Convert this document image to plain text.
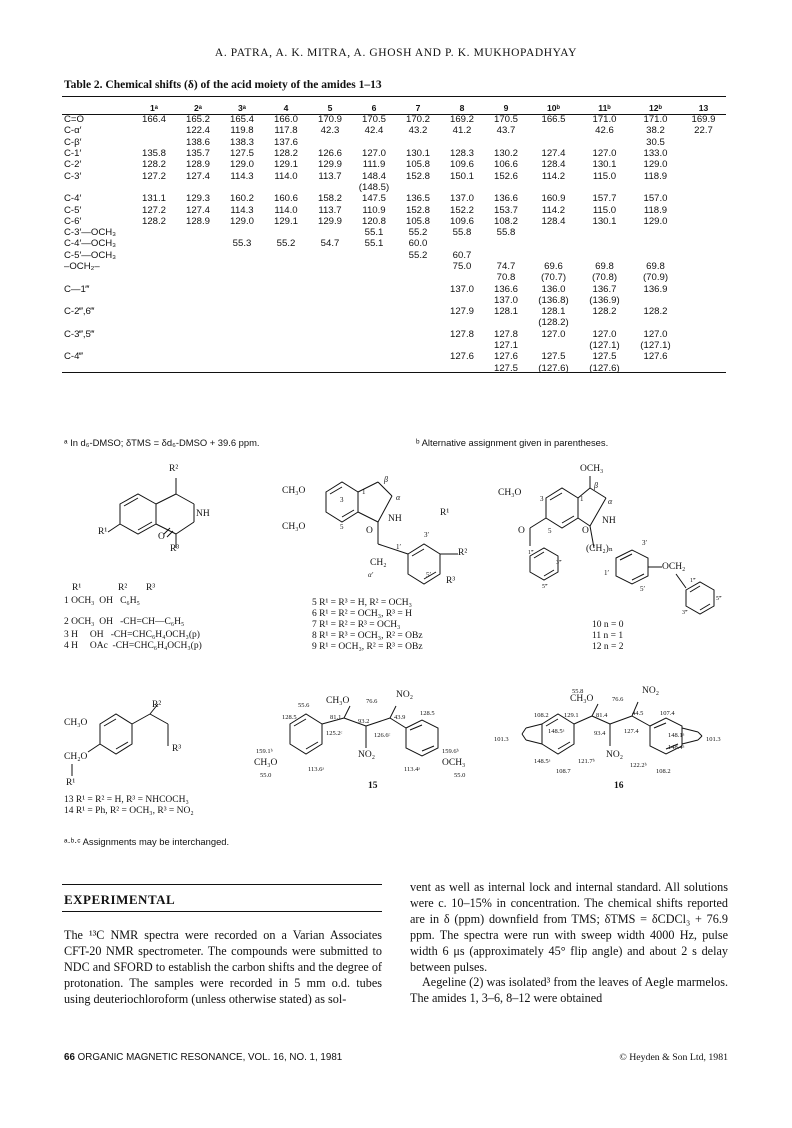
A. PATRA, A. K. MITRA, A. GHOSH AND P. K. MUKHOPADHYAY
Table 2. Chemical shifts (δ) of the acid moiety of the amides 1–13
	1ᵃ	2ᵃ	3ᵃ	4	5	6	7	8	9	10ᵇ	11ᵇ	12ᵇ	13
C=O	166.4	165.2	165.4	166.0	170.9	170.5	170.2	169.2	170.5	166.5	171.0	171.0	169.9
C-α′		122.4	119.8	117.8	42.3	42.4	43.2	41.2	43.7		42.6	38.2	22.7
C-β′		138.6	138.3	137.6								30.5	
C-1′	135.8	135.7	127.5	128.2	126.6	127.0	130.1	128.3	130.2	127.4	127.0	133.0	
C-2′	128.2	128.9	129.0	129.1	129.9	111.9	105.8	109.6	106.6	128.4	130.1	129.0	
C-3′	127.2	127.4	114.3	114.0	113.7	148.4	152.8	150.1	152.6	114.2	115.0	118.9	
						(148.5)							
C-4′	131.1	129.3	160.2	160.6	158.2	147.5	136.5	137.0	136.6	160.9	157.7	157.0	
C-5′	127.2	127.4	114.3	114.0	113.7	110.9	152.8	152.2	153.7	114.2	115.0	118.9	
C-6′	128.2	128.9	129.0	129.1	129.9	120.8	105.8	109.6	108.2	128.4	130.1	129.0	
C-3′—OCH₃						55.1	55.2	55.8	55.8				
C-4′—OCH₃			55.3	55.2	54.7	55.1	60.0						
C-5′—OCH₃							55.2	60.7					
–OCH₂–								75.0	74.7	69.6	69.8	69.8	
									70.8	(70.7)	(70.8)	(70.9)	
C—1‴								137.0	136.6	136.0	136.7	136.9	
									137.0	(136.8)	(136.9)		
C-2‴,6‴								127.9	128.1	128.1	128.2	128.2	
										(128.2)			
C-3‴,5‴								127.8	127.8	127.0	127.0	127.0	
									127.1		(127.1)	(127.1)	
C-4‴								127.6	127.6	127.5	127.5	127.6	
									127.5	(127.6)	(127.6)		
ᵃ In d₆-DMSO; δTMS = δd₆-DMSO + 39.6 ppm.	ᵇ Alternative assignment given in parentheses.
R²
R¹
NH
O
R³
R¹	R² R³
1 OCH₃  OH   C₆H₅
2 OCH₃  OH   -CH=CH—C₆H₅
3 H     OH   -CH=CHC₆H₄OCH₃(p)
4 H     OAc  -CH=CHC₆H₄OCH₃(p)
CH₃O
CH₃O
3
5
1
β
α
NH
O
CH₂
α′
1′
3′
5′
R¹
R²
R³
5 R¹ = R³ = H, R² = OCH₃
6 R¹ = R² = OCH₃, R³ = H
7 R¹ = R² = R³ = OCH₃
8 R¹ = R³ = OCH₃, R² = OBz
9 R¹ = OCH₃, R² = R³ = OBz
OCH₃
CH₃O
3
5
1
β
α
NH
O
O
(CH₂)ₙ
1′
3′
5′
OCH₂
1‴
3‴
5‴
1‴
3‴
5‴
10 n = 0
11 n = 1
12 n = 2
CH₃O
CH₂O
R¹
R²
R³
13 R¹ = R² = H, R³ = NHCOCH₃
14 R¹ = Ph, R² = OCH₃, R³ = NO₂
55.6 CH₃O	76.6
NO₂
128.5	81.1
93.2
43.9
128.5
125.2ᶜ	126.6ᶜ
159.1ᵇ	NO₂	159.6ᵇ
CH₃O
55.0
113.6ᵃ	113.4ᵃ
OCH₃
55.0
15
55.8
CH₃O	76.6
NO₂
108.2 129.1	81.4	44.5	107.4
148.5ᵃ	93.4	127.4
148.1ᵃ
101.3	101.3
148.4ᵃ
148.5ᵃ	121.7ᵇ
NO₂
122.2ᵇ
108.7	108.2
16
ᵃ·ᵇ·ᶜ Assignments may be interchanged.
EXPERIMENTAL

The ¹³C NMR spectra were recorded on a Varian Associates CFT-20 NMR spectrometer. The compounds were submitted to NDC and SFORD to establish the carbon shifts and the degree of protonation. The samples were recorded in 5 mm o.d. tubes using deuteriochloroform (unless otherwise stated) as sol-

vent as well as internal lock and internal standard. All solutions were c. 10–15% in concentration. The chemical shifts reported are in δ (ppm) downfield from TMS; δTMS = δCDCl₃ + 76.9 ppm. The spectra were run with sweep width 4000 Hz, pulse width 6 μs (approximately 45° flip angle) and about 2 s delay between pulses.

Aegeline (2) was isolated³ from the leaves of Aegle marmelos. The amides 1, 3–6, 8–12 were obtained

66 ORGANIC MAGNETIC RESONANCE, VOL. 16, NO. 1, 1981	© Heyden & Son Ltd, 1981
